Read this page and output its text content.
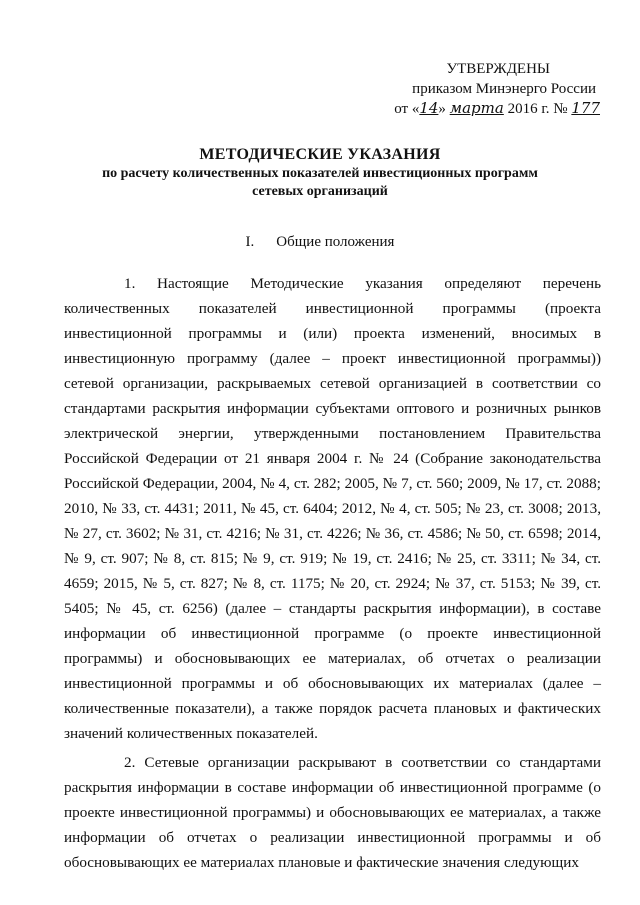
УТВЕРЖДЕНЫ
приказом Минэнерго России
от «14» марта 2016 г. № 177
МЕТОДИЧЕСКИЕ УКАЗАНИЯ
по расчету количественных показателей инвестиционных программ
сетевых организаций
I. Общие положения

1. Настоящие Методические указания определяют перечень количественных показателей инвестиционной программы (проекта инвестиционной программы и (или) проекта изменений, вносимых в инвестиционную программу (далее – проект инвестиционной программы)) сетевой организации, раскрываемых сетевой организацией в соответствии со стандартами раскрытия информации субъектами оптового и розничных рынков электрической энергии, утвержденными постановлением Правительства Российской Федерации от 21 января 2004 г. № 24 (Собрание законодательства Российской Федерации, 2004, № 4, ст. 282; 2005, № 7, ст. 560; 2009, № 17, ст. 2088; 2010, № 33, ст. 4431; 2011, № 45, ст. 6404; 2012, № 4, ст. 505; № 23, ст. 3008; 2013, № 27, ст. 3602; № 31, ст. 4216; № 31, ст. 4226; № 36, ст. 4586; № 50, ст. 6598; 2014, № 9, ст. 907; № 8, ст. 815; № 9, ст. 919; № 19, ст. 2416; № 25, ст. 3311; № 34, ст. 4659; 2015, № 5, ст. 827; № 8, ст. 1175; № 20, ст. 2924; № 37, ст. 5153; № 39, ст. 5405; № 45, ст. 6256) (далее – стандарты раскрытия информации), в составе информации об инвестиционной программе (о проекте инвестиционной программы) и обосновывающих ее материалах, об отчетах о реализации инвестиционной программы и об обосновывающих их материалах (далее – количественные показатели), а также порядок расчета плановых и фактических значений количественных показателей.

2. Сетевые организации раскрывают в соответствии со стандартами раскрытия информации в составе информации об инвестиционной программе (о проекте инвестиционной программы) и обосновывающих ее материалах, а также информации об отчетах о реализации инвестиционной программы и об обосновывающих ее материалах плановые и фактические значения следующих
